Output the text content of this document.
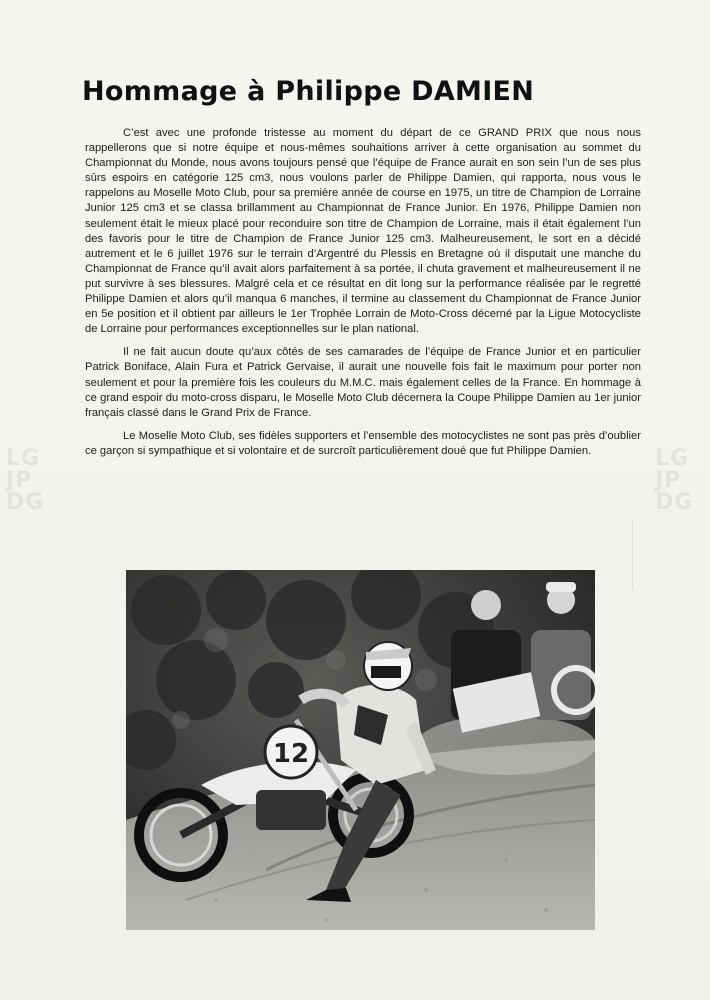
Hommage à Philippe DAMIEN

C’est avec une profonde tristesse au moment du départ de ce GRAND PRIX que nous nous rappellerons que si notre équipe et nous-mêmes souhaitions arriver à cette organisation au sommet du Championnat du Monde, nous avons toujours pensé que l’équipe de France aurait en son sein l’un de ses plus sûrs espoirs en catégorie 125 cm3, nous voulons parler de Philippe Damien, qui rapporta, nous vous le rappelons au Moselle Moto Club, pour sa première année de course en 1975, un titre de Champion de Lorraine Junior 125 cm3 et se classa brillamment au Championnat de France Junior. En 1976, Philippe Damien non seulement était le mieux placé pour reconduire son titre de Champion de Lorraine, mais il était également l’un des favoris pour le titre de Champion de France Junior 125 cm3. Malheureusement, le sort en a décidé autrement et le 6 juillet 1976 sur le terrain d’Argentré du Plessis en Bretagne où il disputait une manche du Championnat de France qu’il avait alors parfaitement à sa portée, il chuta gravement et malheureusement il ne put survivre à ses blessures. Malgré cela et ce résultat en dit long sur la performance réalisée par le regretté Philippe Damien et alors qu’il manqua 6 manches, il termine au classement du Championnat de France Junior en 5e position et il obtient par ailleurs le 1er Trophée Lorrain de Moto-Cross décerné par la Ligue Motocycliste de Lorraine pour performances exceptionnelles sur le plan national.

Il ne fait aucun doute qu’aux côtés de ses camarades de l’équipe de France Junior et en particulier Patrick Boniface, Alain Fura et Patrick Gervaise, il aurait une nouvelle fois fait le maximum pour porter non seulement et pour la première fois les couleurs du M.M.C. mais également celles de la France. En hommage à ce grand espoir du moto-cross disparu, le Moselle Moto Club décernera la Coupe Philippe Damien au 1er junior français classé dans le Grand Prix de France.

Le Moselle Moto Club, ses fidèles supporters et l’ensemble des motocyclistes ne sont pas près d’oublier ce garçon si sympathique et si volontaire et de surcroît particulièrement doué que fut Philippe Damien.

LG
JP
DG
LG
JP
DG
12
